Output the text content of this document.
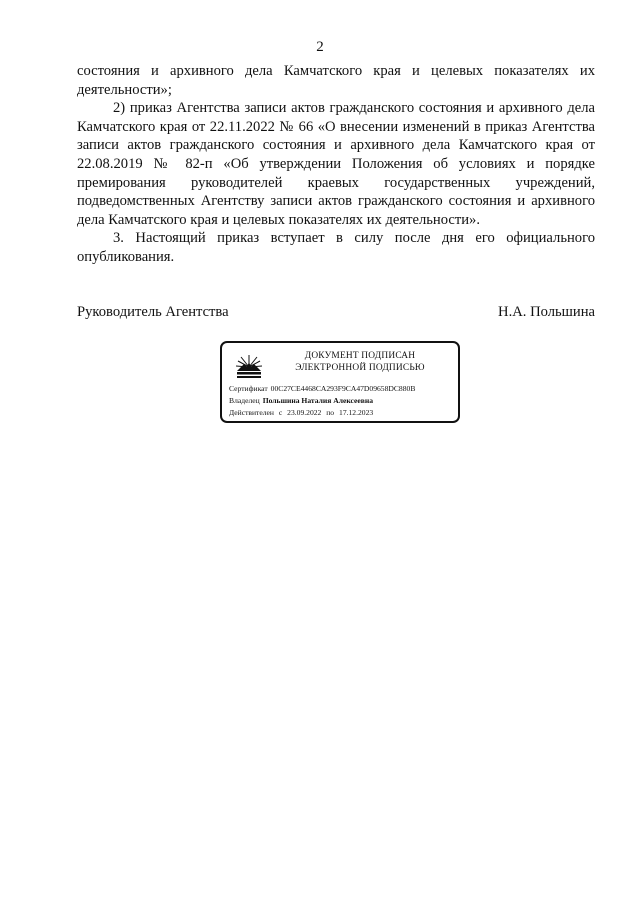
2

состояния и архивного дела Камчатского края и целевых показателях их деятельности»;

2) приказ Агентства записи актов гражданского состояния и архивного дела Камчатского края от 22.11.2022 № 66 «О внесении изменений в приказ Агентства записи актов гражданского состояния и архивного дела Камчатского края от 22.08.2019 № 82-п «Об утверждении Положения об условиях и порядке премирования руководителей краевых государственных учреждений, подведомственных Агентству записи актов гражданского состояния и архивного дела Камчатского края и целевых показателях их деятельности».

3. Настоящий приказ вступает в силу после дня его официального опубликования.

Руководитель Агентства	Н.А. Польшина
ДОКУМЕНТ ПОДПИСАН
ЭЛЕКТРОННОЙ ПОДПИСЬЮ
Сертификат 00C27CE4468CA293F9CA47D09658DC880B
Владелец Польшина Наталия Алексеевна
Действителен с 23.09.2022 по 17.12.2023
